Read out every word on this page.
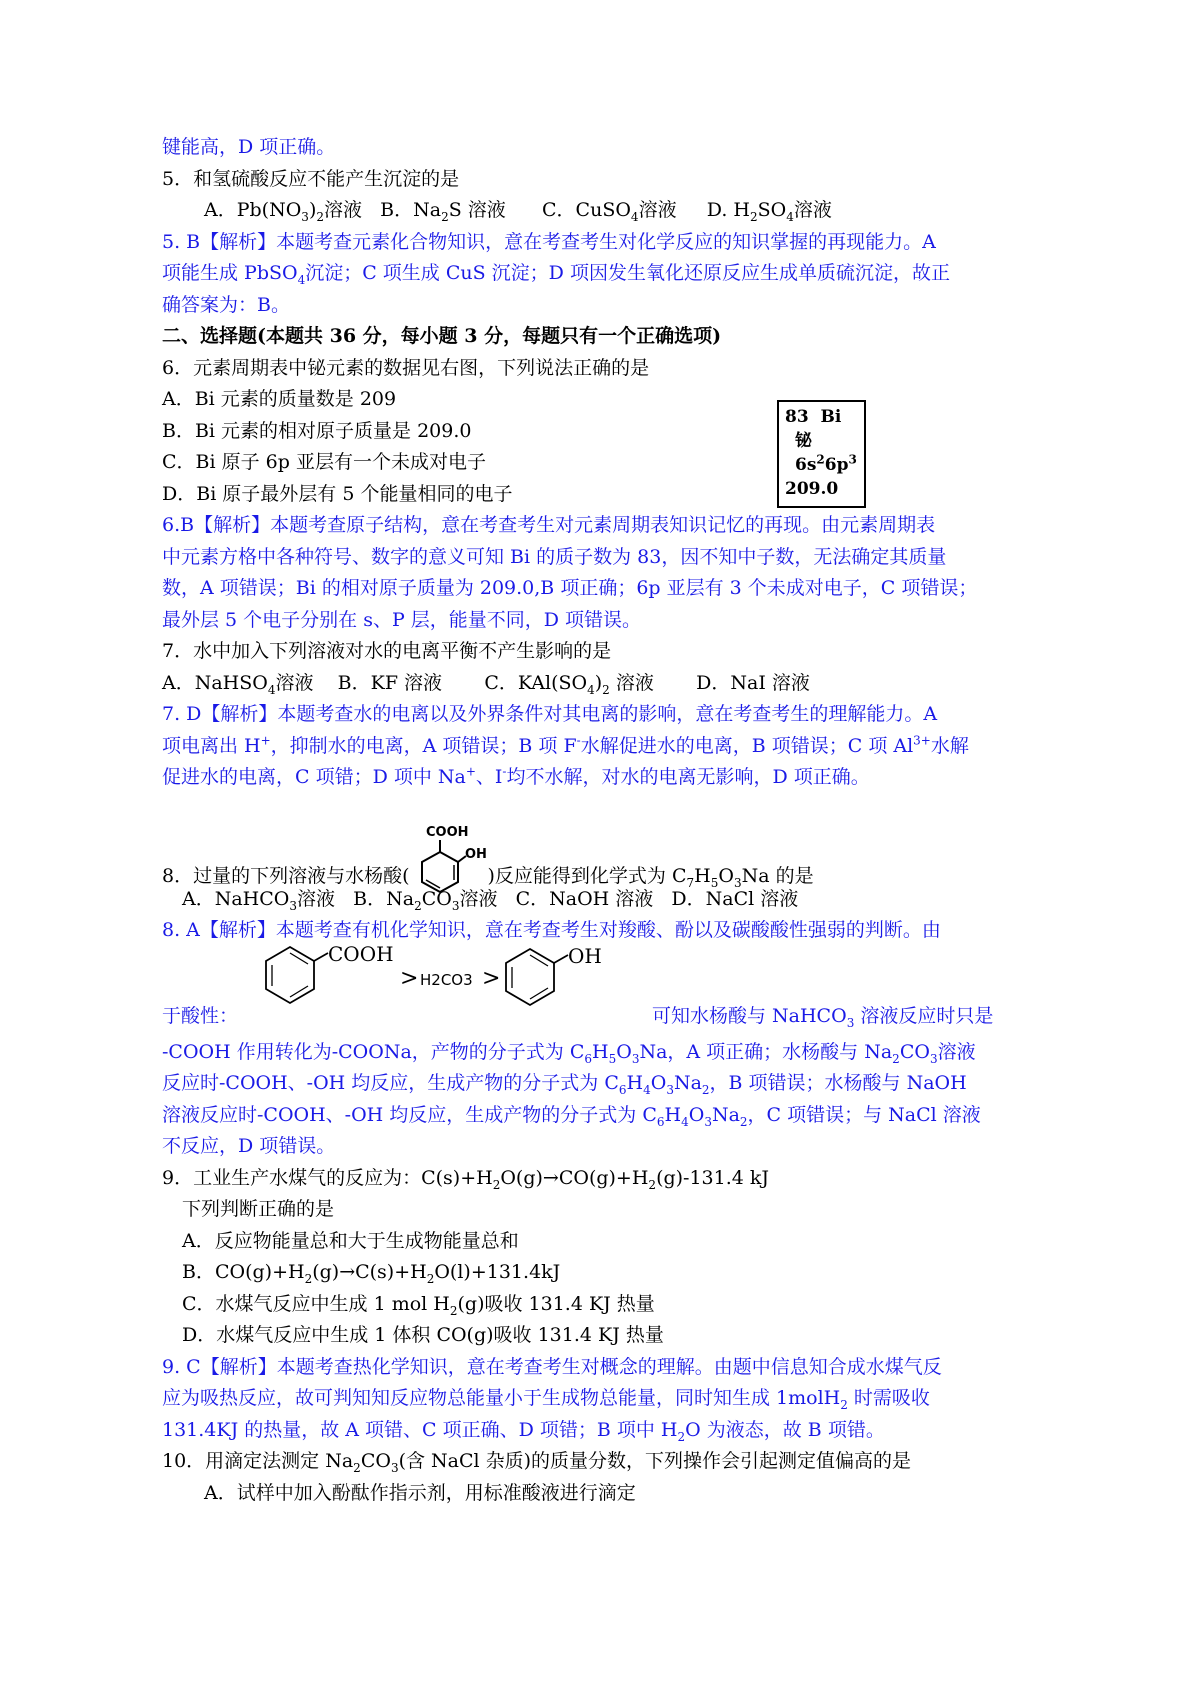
键能高，D 项正确。
5．和氢硫酸反应不能产生沉淀的是
A．$Pb(NO_3)_2$溶液 B．$Na_2S$ 溶液 C．CuSO$_4$溶液 D. $H_2SO_4$溶液
5. B【解析】本题考查元素化合物知识，意在考查考生对化学反应的知识掌握的再现能力。A
项能生成 PbSO$_4$沉淀；C 项生成 CuS 沉淀；D 项因发生氧化还原反应生成单质硫沉淀，故正
确答案为：B。
二、选择题(本题共 36 分，每小题 3 分，每题只有一个正确选项)
6．元素周期表中铋元素的数据见右图，下列说法正确的是
A．Bi 元素的质量数是 209
B．Bi 元素的相对原子质量是 209.0
C．Bi 原子 6p 亚层有一个未成对电子
D．Bi 原子最外层有 5 个能量相同的电子
6.B【解析】本题考查原子结构，意在考查考生对元素周期表知识记忆的再现。由元素周期表
中元素方格中各种符号、数字的意义可知 Bi 的质子数为 83，因不知中子数，无法确定其质量
数，A 项错误；Bi 的相对原子质量为 209.0,B 项正确；6p 亚层有 3 个未成对电子，C 项错误；
最外层 5 个电子分别在 s、P 层，能量不同，D 项错误。
7．水中加入下列溶液对水的电离平衡不产生影响的是
A．NaHSO$_4$溶液 B．KF 溶液 C．$KAl(SO_4)_2$ 溶液 D．NaI 溶液
7. D【解析】本题考查水的电离以及外界条件对其电离的影响，意在考查考生的理解能力。A
项电离出 H+，抑制水的电离，A 项错误；B 项 F-水解促进水的电离，B 项错误；C 项 $Al^{3+}$水解
促进水的电离，C 项错；D 项中 Na+、I-均不水解，对水的电离无影响，D 项正确。
8．过量的下列溶液与水杨酸(
COOH
OH
)反应能得到化学式为 $C_7H_5O_3Na$ 的是
A．NaHCO$_3$溶液 B．$Na_2CO_3$溶液 C．NaOH 溶液 D．NaCl 溶液
8. A【解析】本题考查有机化学知识，意在考查考生对羧酸、酚以及碳酸酸性强弱的判断。由
于酸性：
COOH
> H2CO3 >
OH
可知水杨酸与 NaHCO$_3$ 溶液反应时只是
-COOH 作用转化为-COONa，产物的分子式为 $C_6H_5O_3Na$，A 项正确；水杨酸与 $Na_2CO_3$溶液
反应时-COOH、-OH 均反应，生成产物的分子式为 $C_6H_4O_3Na_2$，B 项错误；水杨酸与 NaOH
溶液反应时-COOH、-OH 均反应，生成产物的分子式为 $C_6H_4O_3Na_2$，C 项错误；与 NaCl 溶液
不反应，D 项错误。
9．工业生产水煤气的反应为：$C(s)+H_2O(g)\to CO(g)+H_2(g)-131.4$ kJ
下列判断正确的是
A．反应物能量总和大于生成物能量总和
B．$CO(g)+H_2(g)\to C(s)+H_2O(l)+131.4kJ$
C．水煤气反应中生成 1 mol $H_2(g)$吸收 131.4 KJ 热量
D．水煤气反应中生成 1 体积 CO(g)吸收 131.4 KJ 热量
9. C【解析】本题考查热化学知识，意在考查考生对概念的理解。由题中信息知合成水煤气反
应为吸热反应，故可判知知反应物总能量小于生成物总能量，同时知生成 1molH$_2$ 时需吸收
131.4KJ 的热量，故 A 项错、C 项正确、D 项错；B 项中 $H_2O$ 为液态，故 B 项错。
10．用滴定法测定 $Na_2CO_3$(含 NaCl 杂质)的质量分数，下列操作会引起测定值偏高的是
A．试样中加入酚酞作指示剂，用标准酸液进行滴定
83 Bi
铋
$6s^26p^3$
209.0
